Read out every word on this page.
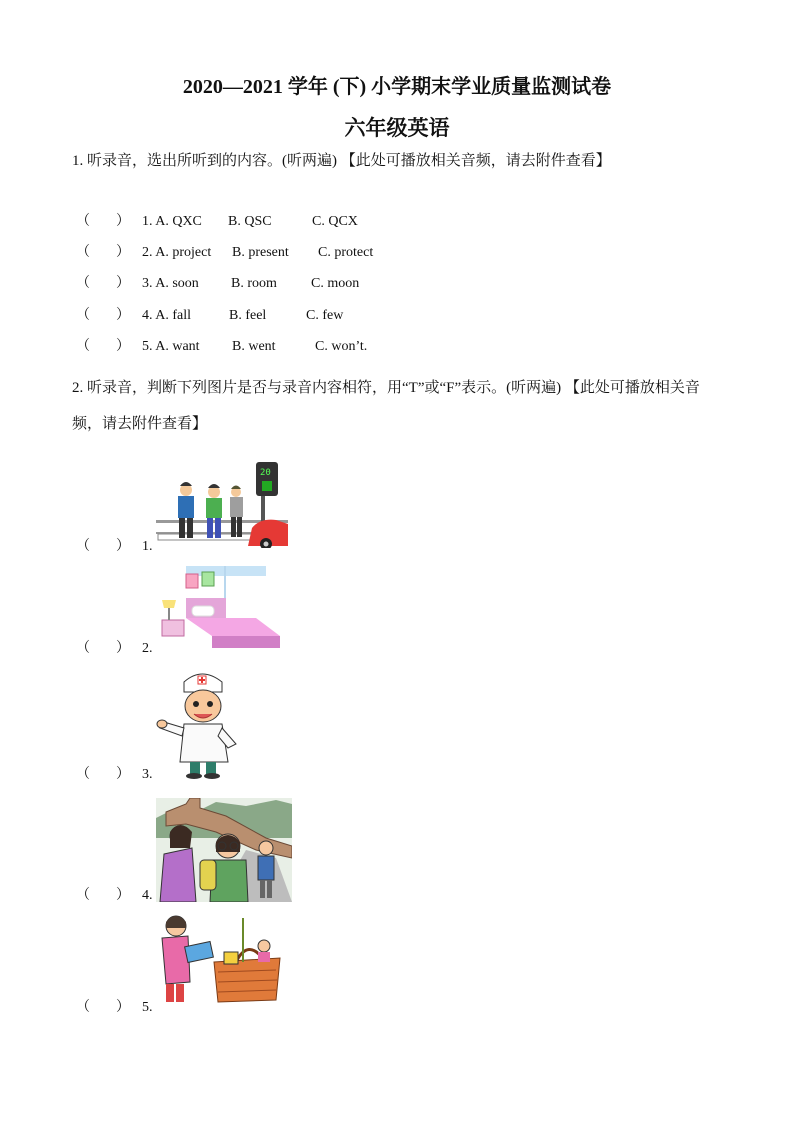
2020—2021 学年 (下) 小学期末学业质量监测试卷
六年级英语
1. 听录音，选出所听到的内容。(听两遍) 【此处可播放相关音频，请去附件查看】
（ ） 1. A. QXC B. QSC	C. QCX
（ ） 2. A. project B. present C. protect
（ ） 3. A. soon B. room C. moon
（ ） 4. A. fall	B. feel	C. few
（ ） 5. A. want B. went	C. won’t.
2. 听录音，判断下列图片是否与录音内容相符，用“T”或“F”表示。(听两遍) 【此处可播放相关音频，请去附件查看】
20
（ ） 1.
（ ） 2.
（ ） 3.
（ ） 4.
（ ） 5.
